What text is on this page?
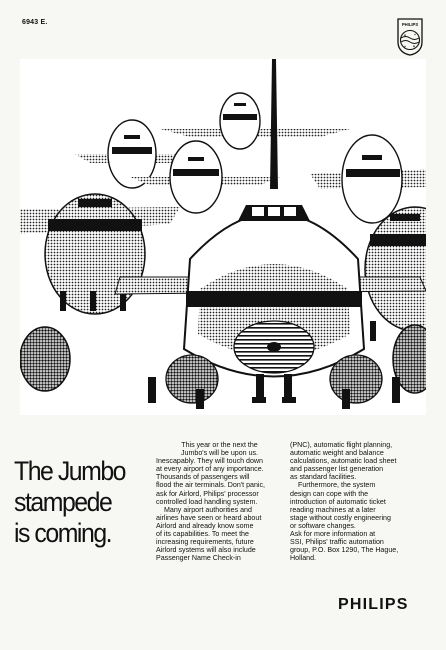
6943 E.	PHILIPS
The Jumbo
stampede
is coming.
This year or the next the
Jumbo's will be upon us.
Inescapably. They will touch down
at every airport of any importance.
Thousands of passengers will
flood the air terminals. Don't panic,
ask for Airlord, Philips' processor
controlled load handling system.
Many airport authorities and
airlines have seen or heard about
Airlord and already know some
of its capabilities. To meet the
increasing requirements, future
Airlord systems will also include
Passenger Name Check-in
(PNC), automatic flight planning,
automatic weight and balance
calculations, automatic load sheet
and passenger list generation
as standard facilities.
Furthermore, the system
design can cope with the
introduction of automatic ticket
reading machines at a later
stage without costly engineering
or software changes.
Ask for more information at
SSI, Philips' traffic automation
group, P.O. Box 1290, The Hague,
Holland.
PHILIPS
